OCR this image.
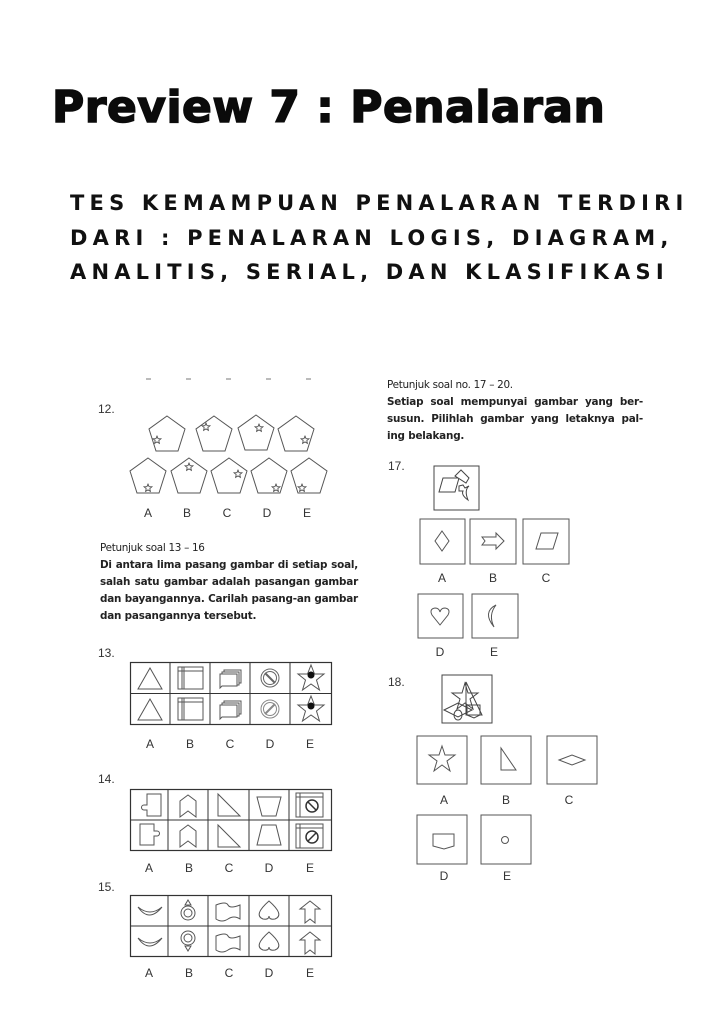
Preview 7 : Penalaran
TES KEMAMPUAN PENALARAN TERDIRI DARI : PENALARAN LOGIS, DIAGRAM, ANALITIS, SERIAL, DAN KLASIFIKASI
12.
A	B	C	D	E
Petunjuk soal 13 – 16
Di antara lima pasang gambar di setiap soal, salah satu gambar adalah pasangan gambar dan bayangannya. Carilah pasang-an gambar dan pasangannya tersebut.
13.
A	B	C	D	E
14.
A	B	C	D	E
15.
A	B	C	D	E
Petunjuk soal no. 17 – 20.
Setiap soal mempunyai gambar yang ber-susun. Pilihlah gambar yang letaknya pal-ing belakang.
17.
A	B	C
D	E
18.
A	B	C
D	E
